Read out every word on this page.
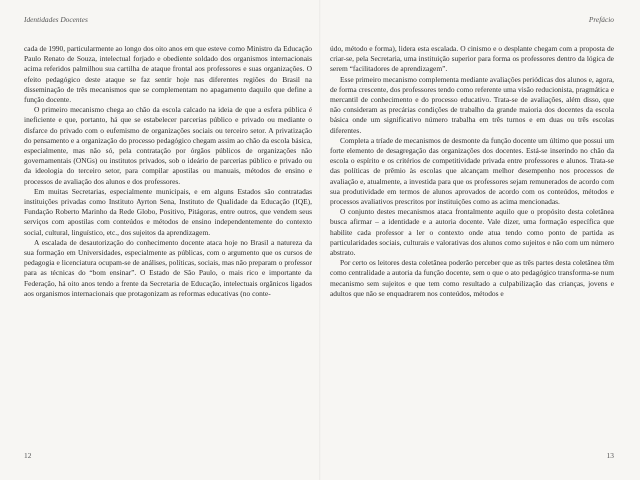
Identidades Docentes

cada de 1990, particularmente ao longo dos oito anos em que esteve como Ministro da Educação Paulo Renato de Souza, intelectual forjado e obediente soldado dos organismos internacionais acima referidos palmilhou sua cartilha de ataque frontal aos professores e suas organizações. O efeito pedagógico deste ataque se faz sentir hoje nas diferentes regiões do Brasil na disseminação de três mecanismos que se complementam no apagamento daquilo que define a função docente.

O primeiro mecanismo chega ao chão da escola calcado na ideia de que a esfera pública é ineficiente e que, portanto, há que se estabelecer parcerias público e privado ou mediante o disfarce do privado com o eufemismo de organizações sociais ou terceiro setor. A privatização do pensamento e a organização do processo pedagógico chegam assim ao chão da escola básica, especialmente, mas não só, pela contratação por órgãos públicos de organizações não governamentais (ONGs) ou institutos privados, sob o ideário de parcerias público e privado ou da ideologia do terceiro setor, para compilar apostilas ou manuais, métodos de ensino e processos de avaliação dos alunos e dos professores.

Em muitas Secretarias, especialmente municipais, e em alguns Estados são contratadas instituições privadas como Instituto Ayrton Sena, Instituto de Qualidade da Educação (IQE), Fundação Roberto Marinho da Rede Globo, Positivo, Pitágoras, entre outros, que vendem seus serviços com apostilas com conteúdos e métodos de ensino independentemente do contexto social, cultural, linguístico, etc., dos sujeitos da aprendizagem.

A escalada de desautorização do conhecimento docente ataca hoje no Brasil a natureza da sua formação em Universidades, especialmente as públicas, com o argumento que os cursos de pedagogia e licenciatura ocupam-se de análises, políticas, sociais, mas não preparam o professor para as técnicas do “bom ensinar”. O Estado de São Paulo, o mais rico e importante da Federação, há oito anos tendo a frente da Secretaria de Educação, intelectuais orgânicos ligados aos organismos internacionais que protagonizam as reformas educativas (no conte-

12
Prefácio

údo, método e forma), lidera esta escalada. O cinismo e o desplante chegam com a proposta de criar-se, pela Secretaria, uma instituição superior para forma os professores dentro da lógica de serem “facilitadores de aprendizagem”.

Esse primeiro mecanismo complementa mediante avaliações periódicas dos alunos e, agora, de forma crescente, dos professores tendo como referente uma visão reducionista, pragmática e mercantil de conhecimento e do processo educativo. Trata-se de avaliações, além disso, que não consideram as precárias condições de trabalho da grande maioria dos docentes da escola básica onde um significativo número trabalha em três turnos e em duas ou três escolas diferentes.

Completa a tríade de mecanismos de desmonte da função docente um último que possui um forte elemento de desagregação das organizações dos docentes. Está-se inserindo no chão da escola o espírito e os critérios de competitividade privada entre professores e alunos. Trata-se das políticas de prêmio às escolas que alcançam melhor desempenho nos processos de avaliação e, atualmente, a investida para que os professores sejam remunerados de acordo com sua produtividade em termos de alunos aprovados de acordo com os conteúdos, métodos e processos avaliativos prescritos por instituições como as acima mencionadas.

O conjunto destes mecanismos ataca frontalmente aquilo que o propósito desta coletânea busca afirmar – a identidade e a autoria docente. Vale dizer, uma formação específica que habilite cada professor a ler o contexto onde atua tendo como ponto de partida as particularidades sociais, culturais e valorativas dos alunos como sujeitos e não com um número abstrato.

Por certo os leitores desta coletânea poderão perceber que as três partes desta coletânea têm como centralidade a autoria da função docente, sem o que o ato pedagógico transforma-se num mecanismo sem sujeitos e que tem como resultado a culpabilização das crianças, jovens e adultos que não se enquadrarem nos conteúdos, métodos e

13
